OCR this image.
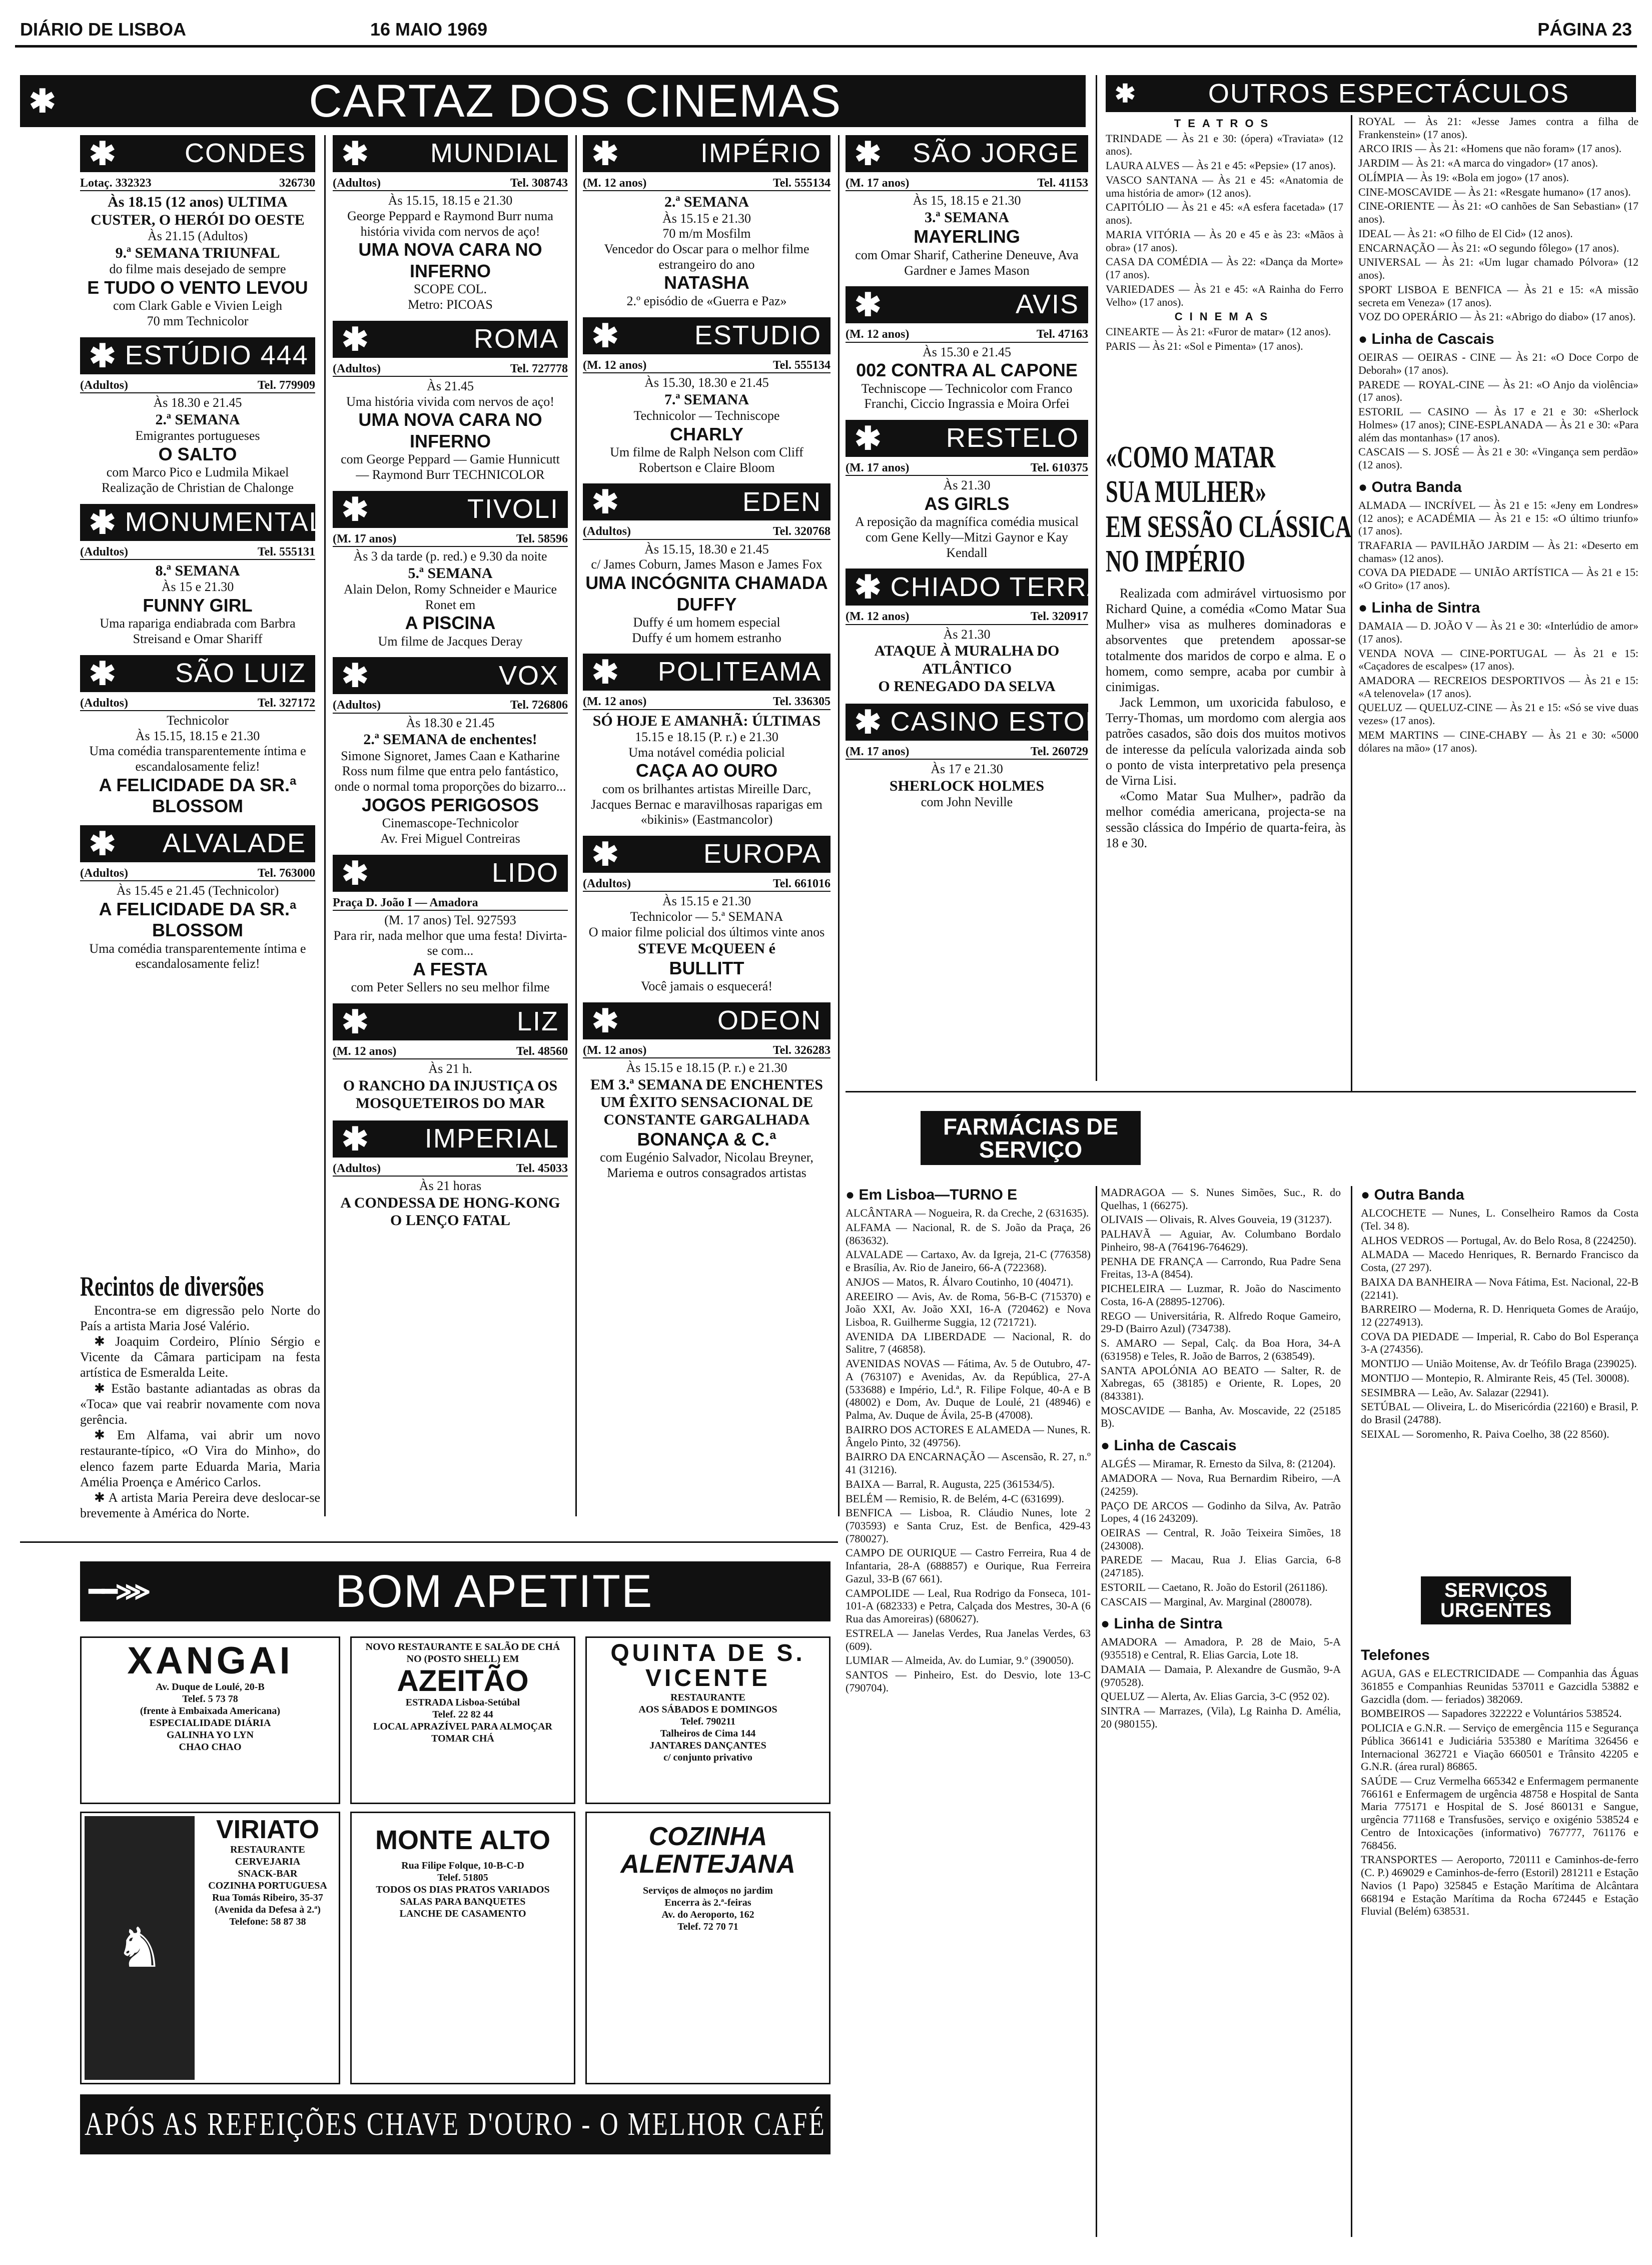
DIÁRIO DE LISBOA	16 MAIO 1969	PÁGINA 23
✱	CARTAZ DOS CINEMAS	✱	OUTROS ESPECTÁCULOS
✱	CONDES
Lotaç. 332323	326730
Às 18.15 (12 anos) ULTIMA
CUSTER, O HERÓI DO OESTE
Às 21.15 (Adultos)
9.ª SEMANA TRIUNFAL
do filme mais desejado de sempre
E TUDO O VENTO LEVOU
com Clark Gable e Vivien Leigh
70 mm Technicolor
✱ ESTÚDIO 444
(Adultos)	Tel. 779909
Às 18.30 e 21.45
2.ª SEMANA
Emigrantes portugueses
O SALTO
com Marco Pico e Ludmila Mikael
Realização de Christian de Chalonge
✱ MONUMENTAL
(Adultos)	Tel. 555131
8.ª SEMANA
Às 15 e 21.30
FUNNY GIRL
Uma rapariga endiabrada com Barbra Streisand e Omar Shariff
✱	SÃO LUIZ
(Adultos)	Tel. 327172
Technicolor
Às 15.15, 18.15 e 21.30
Uma comédia transparentemente íntima e escandalosamente feliz!
A FELICIDADE DA SR.ª BLOSSOM
✱	ALVALADE
(Adultos)	Tel. 763000
Às 15.45 e 21.45 (Technicolor)
A FELICIDADE DA SR.ª BLOSSOM
Uma comédia transparentemente íntima e escandalosamente feliz!
✱	MUNDIAL
(Adultos)	Tel. 308743
Às 15.15, 18.15 e 21.30
George Peppard e Raymond Burr numa história vivida com nervos de aço!
UMA NOVA CARA NO INFERNO
SCOPE COL.
Metro: PICOAS
✱	ROMA
(Adultos)	Tel. 727778
Às 21.45
Uma história vivida com nervos de aço!
UMA NOVA CARA NO INFERNO
com George Peppard — Gamie Hunnicutt — Raymond Burr TECHNICOLOR
✱	TIVOLI
(M. 17 anos)	Tel. 58596
Às 3 da tarde (p. red.) e 9.30 da noite
5.ª SEMANA
Alain Delon, Romy Schneider e Maurice Ronet em
A PISCINA
Um filme de Jacques Deray
✱	VOX
(Adultos)	Tel. 726806
Às 18.30 e 21.45
2.ª SEMANA de enchentes!
Simone Signoret, James Caan e Katharine Ross num filme que entra pelo fantástico, onde o normal toma proporções do bizarro...
JOGOS PERIGOSOS
Cinemascope-Technicolor
Av. Frei Miguel Contreiras
✱	LIDO
Praça D. João I — Amadora
(M. 17 anos) Tel. 927593
Para rir, nada melhor que uma festa! Divirta-se com...
A FESTA
com Peter Sellers no seu melhor filme
✱	LIZ
(M. 12 anos)	Tel. 48560
Às 21 h.
O RANCHO DA INJUSTIÇA OS MOSQUETEIROS DO MAR
✱	IMPERIAL
(Adultos)	Tel. 45033
Às 21 horas
A CONDESSA DE HONG-KONG
O LENÇO FATAL
✱	IMPÉRIO
(M. 12 anos)	Tel. 555134
2.ª SEMANA
Às 15.15 e 21.30
70 m/m Mosfilm
Vencedor do Oscar para o melhor filme estrangeiro do ano
NATASHA
2.º episódio de «Guerra e Paz»
✱	ESTUDIO
(M. 12 anos)	Tel. 555134
Às 15.30, 18.30 e 21.45
7.ª SEMANA
Technicolor — Techniscope
CHARLY
Um filme de Ralph Nelson com Cliff Robertson e Claire Bloom
✱	EDEN
(Adultos)	Tel. 320768
Às 15.15, 18.30 e 21.45
c/ James Coburn, James Mason e James Fox
UMA INCÓGNITA CHAMADA DUFFY
Duffy é um homem especial
Duffy é um homem estranho
✱	POLITEAMA
(M. 12 anos)	Tel. 336305
SÓ HOJE E AMANHÃ: ÚLTIMAS
15.15 e 18.15 (P. r.) e 21.30
Uma notável comédia policial
CAÇA AO OURO
com os brilhantes artistas Mireille Darc, Jacques Bernac e maravilhosas raparigas em «bikinis» (Eastmancolor)
✱	EUROPA
(Adultos)	Tel. 661016
Às 15.15 e 21.30
Technicolor — 5.ª SEMANA
O maior filme policial dos últimos vinte anos
STEVE McQUEEN é
BULLITT
Você jamais o esquecerá!
✱	ODEON
(M. 12 anos)	Tel. 326283
Às 15.15 e 18.15 (P. r.) e 21.30
EM 3.ª SEMANA DE ENCHENTES
UM ÊXITO SENSACIONAL DE CONSTANTE GARGALHADA
BONANÇA & C.ª
com Eugénio Salvador, Nicolau Breyner, Mariema e outros consagrados artistas
✱	SÃO JORGE
(M. 17 anos)	Tel. 41153
Às 15, 18.15 e 21.30
3.ª SEMANA
MAYERLING
com Omar Sharif, Catherine Deneuve, Ava Gardner e James Mason
✱	AVIS
(M. 12 anos)	Tel. 47163
Às 15.30 e 21.45
002 CONTRA AL CAPONE
Techniscope — Technicolor com Franco Franchi, Ciccio Ingrassia e Moira Orfei
✱	RESTELO
(M. 17 anos)	Tel. 610375
Às 21.30
AS GIRLS
A reposição da magnífica comédia musical com Gene Kelly—Mitzi Gaynor e Kay Kendall
✱ CHIADO TERRASSE
(M. 12 anos)	Tel. 320917
Às 21.30
ATAQUE À MURALHA DO ATLÂNTICO
O RENEGADO DA SELVA
✱ CASINO ESTORIL
(M. 17 anos)	Tel. 260729
Às 17 e 21.30
SHERLOCK HOLMES
com John Neville
Recintos de diversões

Encontra-se em digressão pelo Norte do País a artista Maria José Valério.

✱ Joaquim Cordeiro, Plínio Sérgio e Vicente da Câmara participam na festa artística de Esmeralda Leite.

✱ Estão bastante adiantadas as obras da «Toca» que vai reabrir novamente com nova gerência.

✱ Em Alfama, vai abrir um novo restaurante-típico, «O Vira do Minho», do elenco fazem parte Eduarda Maria, Maria Amélia Proença e Américo Carlos.

✱ A artista Maria Pereira deve deslocar-se brevemente à América do Norte.

TEATROS
TRINDADE — Às 21 e 30: (ópera) «Traviata» (12 anos).
LAURA ALVES — Às 21 e 45: «Pepsie» (17 anos).
VASCO SANTANA — Às 21 e 45: «Anatomia de uma história de amor» (12 anos).
CAPITÓLIO — Às 21 e 45: «A esfera facetada» (17 anos).
MARIA VITÓRIA — Às 20 e 45 e às 23: «Mãos à obra» (17 anos).
CASA DA COMÉDIA — Às 22: «Dança da Morte» (17 anos).
VARIEDADES — Às 21 e 45: «A Rainha do Ferro Velho» (17 anos).
CINEMAS
CINEARTE — Às 21: «Furor de matar» (12 anos).
PARIS — Às 21: «Sol e Pimenta» (17 anos).
ROYAL — Às 21: «Jesse James contra a filha de Frankenstein» (17 anos).
ARCO IRIS — Às 21: «Homens que não foram» (17 anos).
JARDIM — Às 21: «A marca do vingador» (17 anos).
OLÍMPIA — Às 19: «Bola em jogo» (17 anos).
CINE-MOSCAVIDE — Às 21: «Resgate humano» (17 anos).
CINE-ORIENTE — Às 21: «O canhões de San Sebastian» (17 anos).
IDEAL — Às 21: «O filho de El Cid» (12 anos).
ENCARNAÇÃO — Às 21: «O segundo fôlego» (17 anos).
UNIVERSAL — Às 21: «Um lugar chamado Pólvora» (12 anos).
SPORT LISBOA E BENFICA — Às 21 e 15: «A missão secreta em Veneza» (17 anos).
VOZ DO OPERÁRIO — Às 21: «Abrigo do diabo» (17 anos).
● Linha de Cascais
OEIRAS — OEIRAS - CINE — Às 21: «O Doce Corpo de Deborah» (17 anos).
PAREDE — ROYAL-CINE — Às 21: «O Anjo da violência» (17 anos).
ESTORIL — CASINO — Às 17 e 21 e 30: «Sherlock Holmes» (17 anos); CINE-ESPLANADA — Às 21 e 30: «Para além das montanhas» (17 anos).
CASCAIS — S. JOSÉ — Às 21 e 30: «Vingança sem perdão» (12 anos).
● Outra Banda
ALMADA — INCRÍVEL — Às 21 e 15: «Jeny em Londres» (12 anos); e ACADÉMIA — Às 21 e 15: «O último triunfo» (17 anos).
TRAFARIA — PAVILHÃO JARDIM — Às 21: «Deserto em chamas» (12 anos).
COVA DA PIEDADE — UNIÃO ARTÍSTICA — Às 21 e 15: «O Grito» (17 anos).
● Linha de Sintra
DAMAIA — D. JOÃO V — Às 21 e 30: «Interlúdio de amor» (17 anos).
VENDA NOVA — CINE-PORTUGAL — Às 21 e 15: «Caçadores de escalpes» (17 anos).
AMADORA — RECREIOS DESPORTIVOS — Às 21 e 15: «A telenovela» (17 anos).
QUELUZ — QUELUZ-CINE — Às 21 e 15: «Só se vive duas vezes» (17 anos).
MEM MARTINS — CINE-CHABY — Às 21 e 30: «5000 dólares na mão» (17 anos).
«COMO MATAR
SUA MULHER»
EM SESSÃO CLÁSSICA
NO IMPÉRIO

Realizada com admirável virtuosismo por Richard Quine, a comédia «Como Matar Sua Mulher» visa as mulheres dominadoras e absorventes que pretendem apossar-se totalmente dos maridos de corpo e alma. E o homem, como sempre, acaba por cumbir à cinimigas.

Jack Lemmon, um uxoricida fabuloso, e Terry-Thomas, um mordomo com alergia aos patrões casados, são dois dos muitos motivos de interesse da película valorizada ainda sob o ponto de vista interpretativo pela presença de Virna Lisi.

«Como Matar Sua Mulher», padrão da melhor comédia americana, projecta-se na sessão clássica do Império de quarta-feira, às 18 e 30.

FARMÁCIAS DE SERVIÇO
● Em Lisboa—TURNO E
ALCÂNTARA — Nogueira, R. da Creche, 2 (631635).
ALFAMA — Nacional, R. de S. João da Praça, 26 (863632).
ALVALADE — Cartaxo, Av. da Igreja, 21-C (776358) e Brasília, Av. Rio de Janeiro, 66-A (722368).
ANJOS — Matos, R. Álvaro Coutinho, 10 (40471).
AREEIRO — Avis, Av. de Roma, 56-B-C (715370) e João XXI, Av. João XXI, 16-A (720462) e Nova Lisboa, R. Guilherme Suggia, 12 (721721).
AVENIDA DA LIBERDADE — Nacional, R. do Salitre, 7 (46858).
AVENIDAS NOVAS — Fátima, Av. 5 de Outubro, 47-A (763107) e Avenidas, Av. da República, 27-A (533688) e Império, Ld.ª, R. Filipe Folque, 40-A e B (48002) e Dom, Av. Duque de Loulé, 21 (48946) e Palma, Av. Duque de Ávila, 25-B (47008).
BAIRRO DOS ACTORES E ALAMEDA — Nunes, R. Ângelo Pinto, 32 (49756).
BAIRRO DA ENCARNAÇÃO — Ascensão, R. 27, n.º 41 (31216).
BAIXA — Barral, R. Augusta, 225 (361534/5).
BELÉM — Remisio, R. de Belém, 4-C (631699).
BENFICA — Lisboa, R. Cláudio Nunes, lote 2 (703593) e Santa Cruz, Est. de Benfica, 429-43 (780027).
CAMPO DE OURIQUE — Castro Ferreira, Rua 4 de Infantaria, 28-A (688857) e Ourique, Rua Ferreira Gazul, 33-B (67 661).
CAMPOLIDE — Leal, Rua Rodrigo da Fonseca, 101-101-A (682333) e Petra, Calçada dos Mestres, 30-A (6 Rua das Amoreiras) (680627).
ESTRELA — Janelas Verdes, Rua Janelas Verdes, 63 (609).
LUMIAR — Almeida, Av. do Lumiar, 9.º (390050).
SANTOS — Pinheiro, Est. do Desvio, lote 13-C (790704).
MADRAGOA — S. Nunes Simões, Suc., R. do Quelhas, 1 (66275).
OLIVAIS — Olivais, R. Alves Gouveia, 19 (31237).
PALHAVÃ — Aguiar, Av. Columbano Bordalo Pinheiro, 98-A (764196-764629).
PENHA DE FRANÇA — Carrondo, Rua Padre Sena Freitas, 13-A (8454).
PICHELEIRA — Luzmar, R. João do Nascimento Costa, 16-A (28895-12706).
REGO — Universitária, R. Alfredo Roque Gameiro, 29-D (Bairro Azul) (734738).
S. AMARO — Sepal, Calç. da Boa Hora, 34-A (631958) e Teles, R. João de Barros, 2 (638549).
SANTA APOLÓNIA AO BEATO — Salter, R. de Xabregas, 65 (38185) e Oriente, R. Lopes, 20 (843381).
MOSCAVIDE — Banha, Av. Moscavide, 22 (25185 B).
● Linha de Cascais
ALGÉS — Miramar, R. Ernesto da Silva, 8: (21204).
AMADORA — Nova, Rua Bernardim Ribeiro, —A (24259).
PAÇO DE ARCOS — Godinho da Silva, Av. Patrão Lopes, 4 (16 243209).
OEIRAS — Central, R. João Teixeira Simões, 18 (243008).
PAREDE — Macau, Rua J. Elias Garcia, 6-8 (247185).
ESTORIL — Caetano, R. João do Estoril (261186).
CASCAIS — Marginal, Av. Marginal (280078).
● Linha de Sintra
AMADORA — Amadora, P. 28 de Maio, 5-A (935518) e Central, R. Elias Garcia, Lote 18.
DAMAIA — Damaia, P. Alexandre de Gusmão, 9-A (970528).
QUELUZ — Alerta, Av. Elias Garcia, 3-C (952 02).
SINTRA — Marrazes, (Vila), Lg Rainha D. Amélia, 20 (980155).
● Outra Banda
ALCOCHETE — Nunes, L. Conselheiro Ramos da Costa (Tel. 34 8).
ALHOS VEDROS — Portugal, Av. do Belo Rosa, 8 (224250).
ALMADA — Macedo Henriques, R. Bernardo Francisco da Costa, (27 297).
BAIXA DA BANHEIRA — Nova Fátima, Est. Nacional, 22-B (22141).
BARREIRO — Moderna, R. D. Henriqueta Gomes de Araújo, 12 (2274913).
COVA DA PIEDADE — Imperial, R. Cabo do Bol Esperança 3-A (274356).
MONTIJO — União Moitense, Av. dr Teófilo Braga (239025).
MONTIJO — Montepio, R. Almirante Reis, 45 (Tel. 30008).
SESIMBRA — Leão, Av. Salazar (22941).
SETÚBAL — Oliveira, L. do Misericórdia (22160) e Brasil, P. do Brasil (24788).
SEIXAL — Soromenho, R. Paiva Coelho, 38 (22 8560).
SERVIÇOS URGENTES
Telefones
AGUA, GAS e ELECTRICIDADE — Companhia das Águas 361855 e Companhias Reunidas 537011 e Gazcidla 53882 e Gazcidla (dom. — feriados) 382069.
BOMBEIROS — Sapadores 322222 e Voluntários 538524.
POLICIA e G.N.R. — Serviço de emergência 115 e Segurança Pública 366141 e Judiciária 535380 e Marítima 326456 e Internacional 362721 e Viação 660501 e Trânsito 42205 e G.N.R. (área rural) 86865.
SAÚDE — Cruz Vermelha 665342 e Enfermagem permanente 766161 e Enfermagem de urgência 48758 e Hospital de Santa Maria 775171 e Hospital de S. José 860131 e Sangue, urgência 771168 e Transfusões, serviço e oxigénio 538524 e Centro de Intoxicações (informativo) 767777, 761176 e 768456.
TRANSPORTES — Aeroporto, 720111 e Caminhos-de-ferro (C. P.) 469029 e Caminhos-de-ferro (Estoril) 281211 e Estação Navios (1 Papo) 325845 e Estação Marítima de Alcântara 668194 e Estação Marítima da Rocha 672445 e Estação Fluvial (Belém) 638531.
━━⋙	BOM APETITE
XANGAI
Av. Duque de Loulé, 20-B
Telef. 5 73 78
(frente à Embaixada Americana)
ESPECIALIDADE DIÁRIA
GALINHA YO LYN
CHAO CHAO
NOVO RESTAURANTE E SALÃO DE CHÁ
NO (POSTO SHELL) EM
AZEITÃO
ESTRADA Lisboa-Setúbal
Telef. 22 82 44
LOCAL APRAZÍVEL PARA ALMOÇAR TOMAR CHÁ
QUINTA DE S. VICENTE
RESTAURANTE
AOS SÁBADOS E DOMINGOS
Telef. 790211
Talheiros de Cima 144
JANTARES DANÇANTES
c/ conjunto privativo
♞
VIRIATO
RESTAURANTE
CERVEJARIA
SNACK-BAR
COZINHA PORTUGUESA
Rua Tomás Ribeiro, 35-37
(Avenida da Defesa à 2.ª)
Telefone: 58 87 38
MONTE ALTO
Rua Filipe Folque, 10-B-C-D
Telef. 51805
TODOS OS DIAS PRATOS VARIADOS
SALAS PARA BANQUETES
LANCHE DE CASAMENTO
COZINHA ALENTEJANA
Serviços de almoços no jardim
Encerra às 2.ª-feiras
Av. do Aeroporto, 162
Telef. 72 70 71
APÓS AS REFEIÇÕES CHAVE D'OURO - O MELHOR CAFÉ
